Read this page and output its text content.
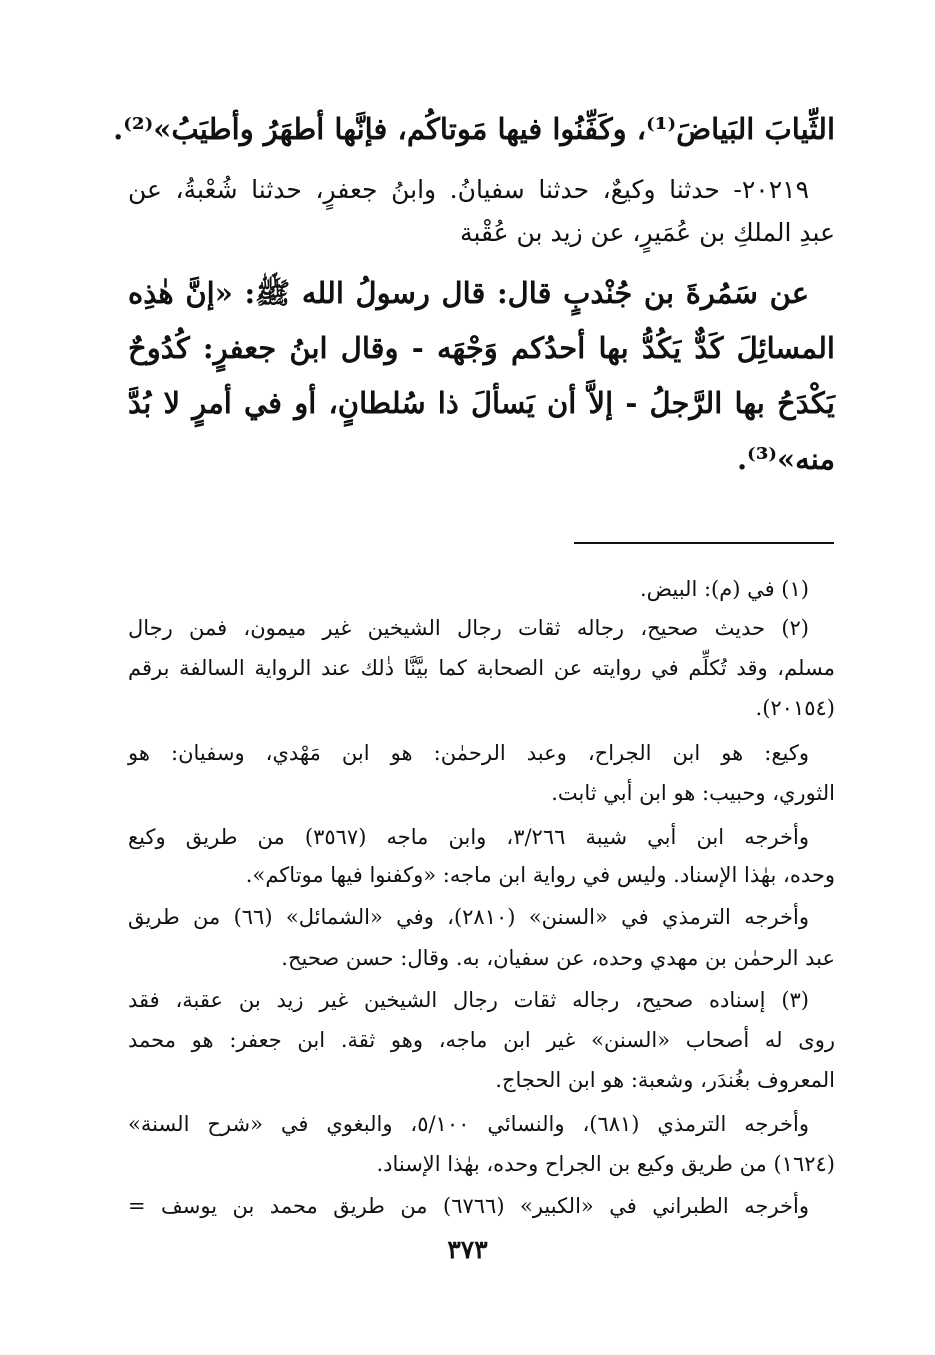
الثِّيابَ البَياضَ⁽¹⁾، وكَفِّنُوا فيها مَوتاكُم، فإنَّها أطهَرُ وأطيَبُ»⁽²⁾.
٢٠٢١٩- حدثنا وكيعٌ، حدثنا سفيانُ. وابنُ جعفرٍ، حدثنا شُعْبةُ، عن
عبدِ الملكِ بن عُمَيرٍ، عن زيد بن عُقْبة
عن سَمُرةَ بن جُنْدبٍ قال: قال رسولُ الله ﷺ: «إنَّ هٰذِه
المسائِلَ كَدٌّ يَكُدُّ بها أحدُكم وَجْهَه - وقال ابنُ جعفرٍ: كُدُوحٌ
يَكْدَحُ بها الرَّجلُ - إلاَّ أن يَسألَ ذا سُلطانٍ، أو في أمرٍ لا بُدَّ
منه»⁽³⁾.
(١) في (م): البيض.
(٢) حديث صحيح، رجاله ثقات رجال الشيخين غير ميمون، فمن رجال
مسلم، وقد تُكلِّم في روايته عن الصحابة كما بيَّنَّا ذٰلك عند الرواية السالفة برقم
(٢٠١٥٤).
وكيع: هو ابن الجراح، وعبد الرحمٰن: هو ابن مَهْدي، وسفيان: هو
الثوري، وحبيب: هو ابن أبي ثابت.
وأخرجه ابن أبي شيبة ٣/٢٦٦، وابن ماجه (٣٥٦٧) من طريق وكيع
وحده، بهٰذا الإسناد. وليس في رواية ابن ماجه: «وكفنوا فيها موتاكم».
وأخرجه الترمذي في «السنن» (٢٨١٠)، وفي «الشمائل» (٦٦) من طريق
عبد الرحمٰن بن مهدي وحده، عن سفيان، به. وقال: حسن صحيح.
(٣) إسناده صحيح، رجاله ثقات رجال الشيخين غير زيد بن عقبة، فقد
روى له أصحاب «السنن» غير ابن ماجه، وهو ثقة. ابن جعفر: هو محمد
المعروف بغُندَر، وشعبة: هو ابن الحجاج.
وأخرجه الترمذي (٦٨١)، والنسائي ٥/١٠٠، والبغوي في «شرح السنة»
(١٦٢٤) من طريق وكيع بن الجراح وحده، بهٰذا الإسناد.
وأخرجه الطبراني في «الكبير» (٦٧٦٦) من طريق محمد بن يوسف =
٣٧٣
